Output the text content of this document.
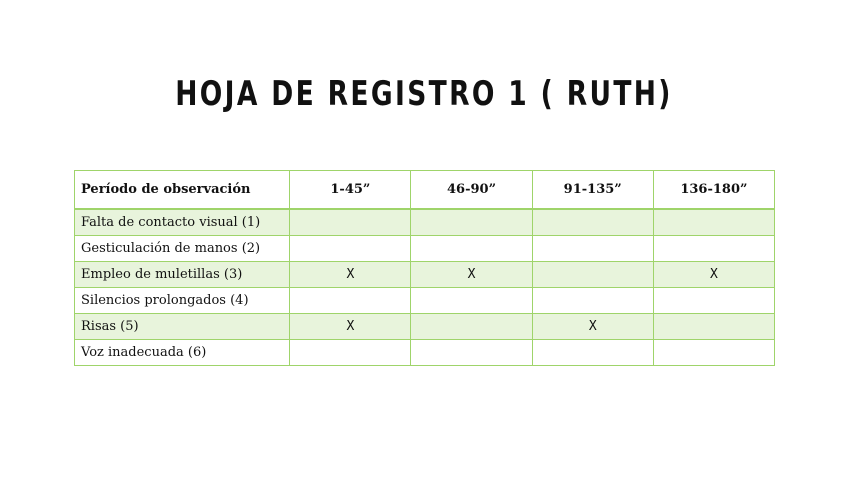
HOJA DE REGISTRO 1 ( RUTH)
Período de observación	1-45”	46-90”	91-135”	136-180”
Falta de contacto visual (1)				
Gesticulación de manos (2)				
Empleo de muletillas (3)	X	X		X
Silencios prolongados (4)				
Risas (5)	X		X	
Voz inadecuada (6)				
